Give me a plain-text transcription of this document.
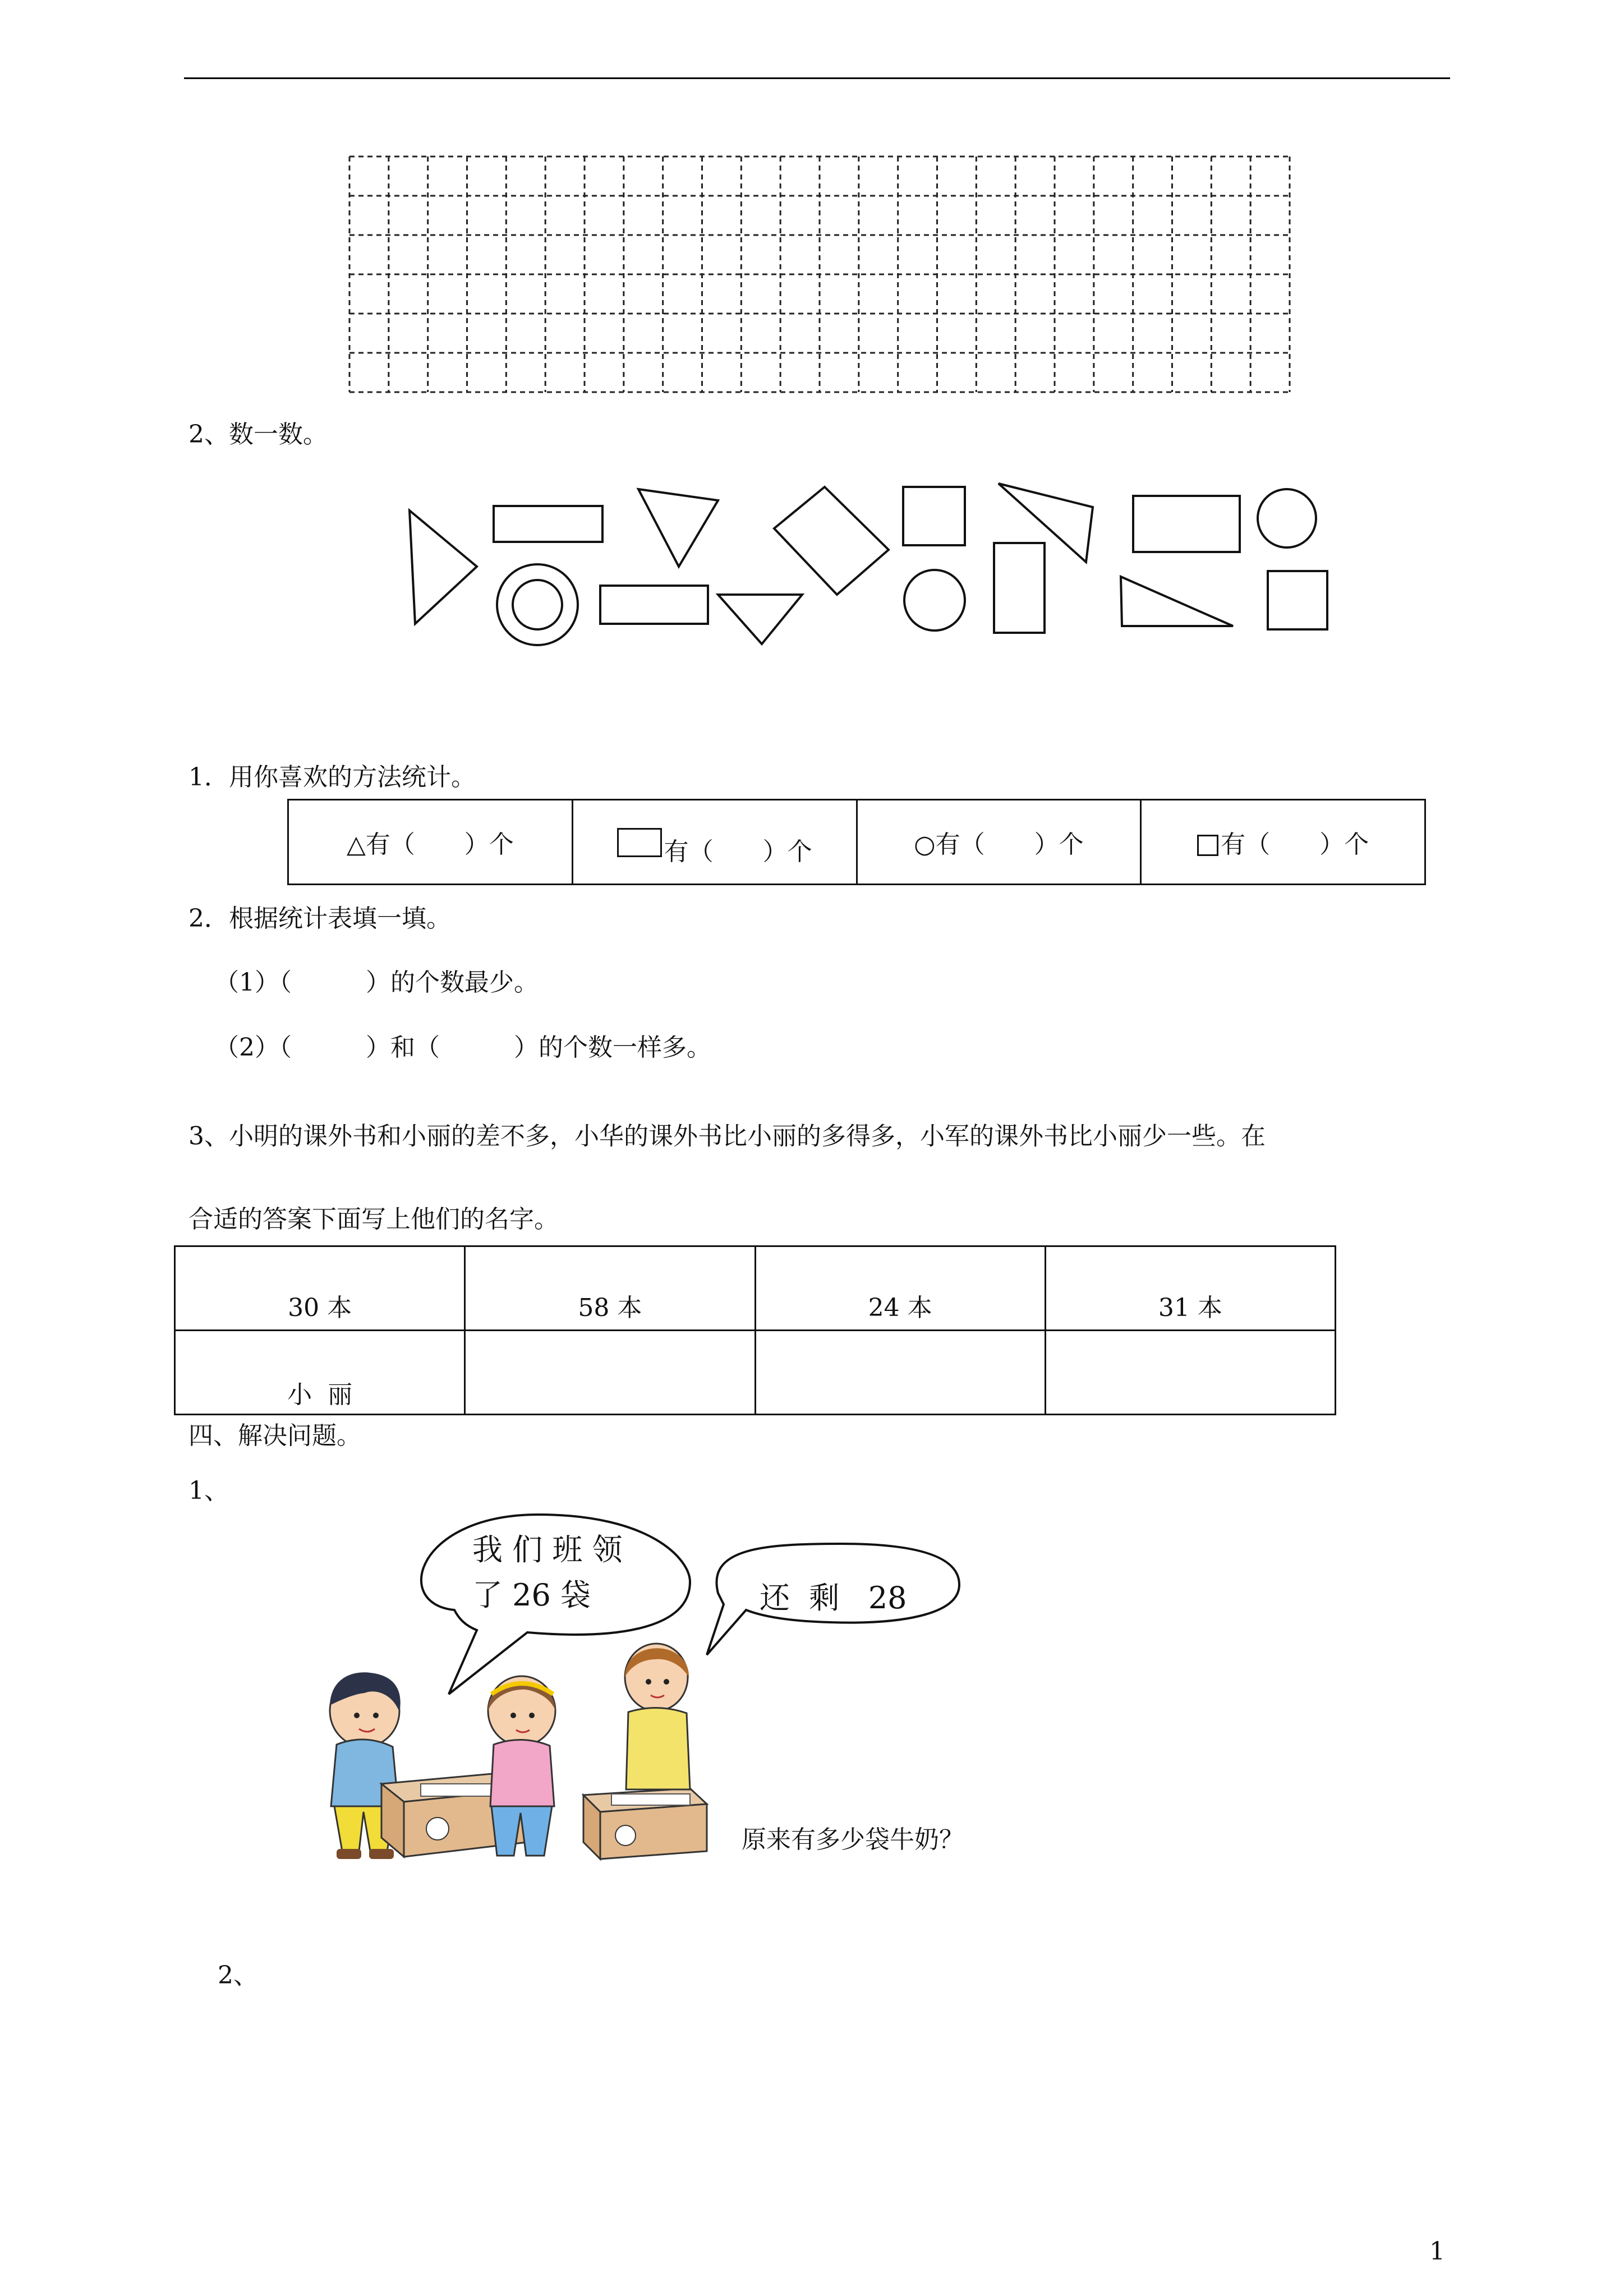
2、数一数。
1．用你喜欢的方法统计。
△有（　　）个	有（　　）个	○有（　　）个	有（　　）个
2．根据统计表填一填。
（1）（　　　）的个数最少。
（2）（　　　）和（　　　）的个数一样多。
3、小明的课外书和小丽的差不多，小华的课外书比小丽的多得多，小军的课外书比小丽少一些。在
合适的答案下面写上他们的名字。
30 本	58 本	24 本	31 本
小  丽			
四、解决问题。
1、
我 们 班 领
了 26 袋	还  剩   28
原来有多少袋牛奶？
2、
1
